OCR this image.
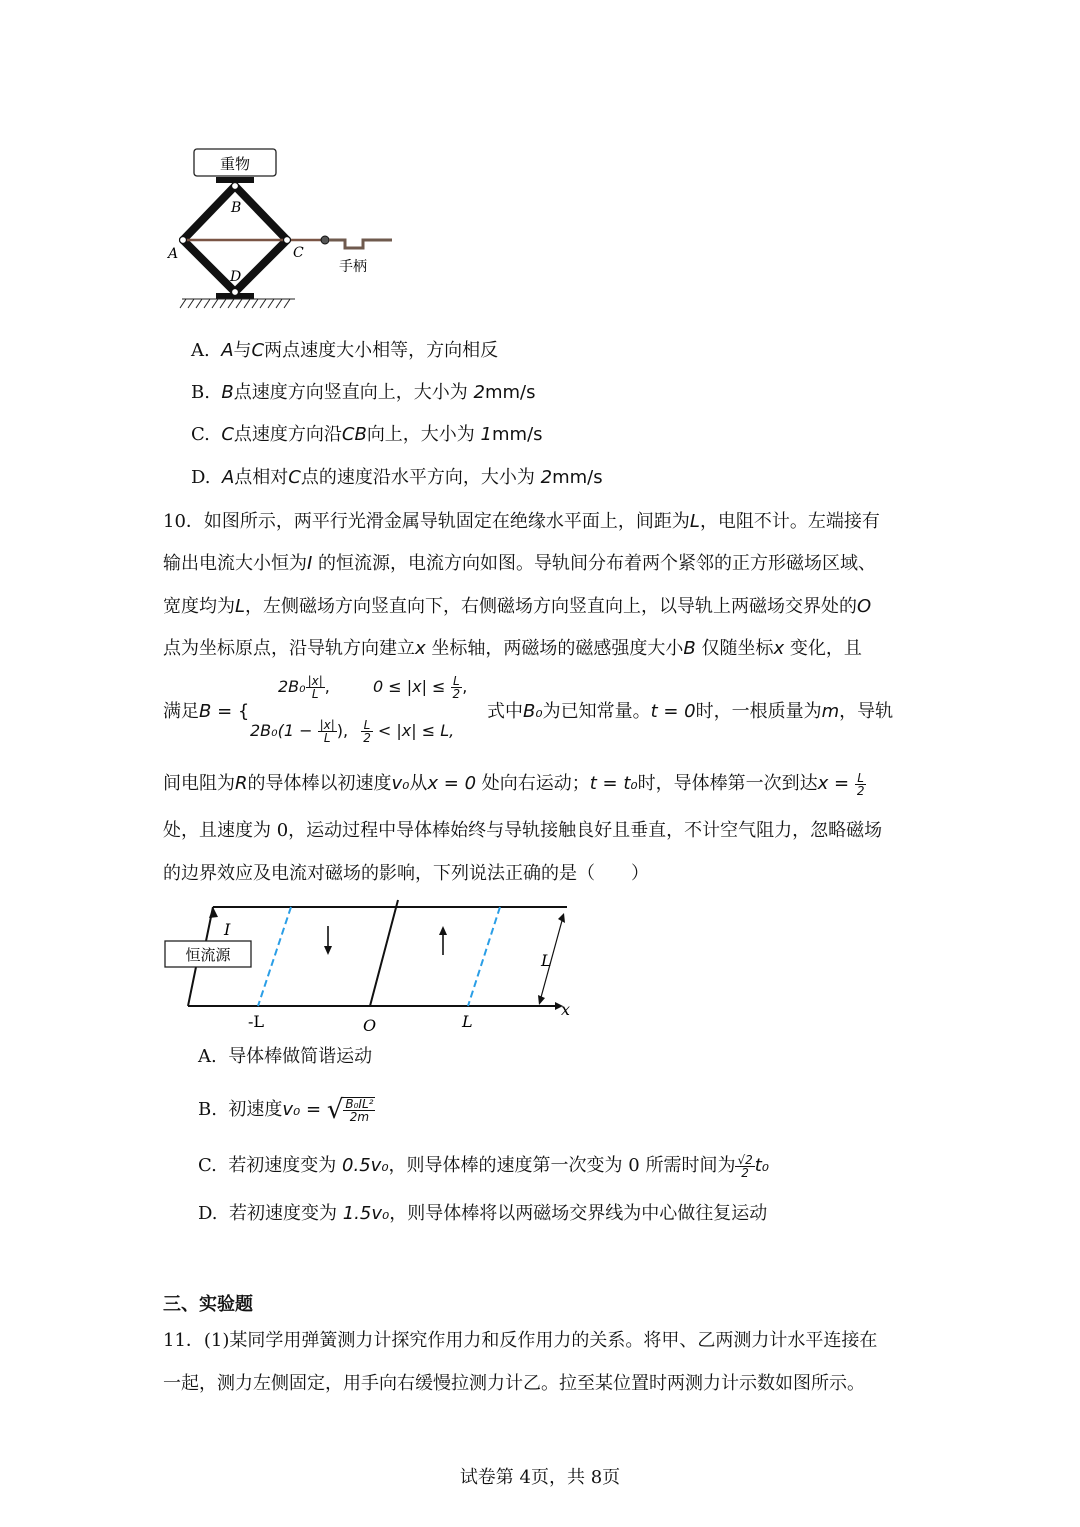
重物
A
B
C
D
手柄
A. A与C两点速度大小相等，方向相反
B. B点速度方向竖直向上，大小为 2mm/s
C. C点速度方向沿CB向上，大小为 1mm/s
D. A点相对C点的速度沿水平方向，大小为 2mm/s
10．如图所示，两平行光滑金属导轨固定在绝缘水平面上，间距为L，电阻不计。左端接有
输出电流大小恒为I 的恒流源，电流方向如图。导轨间分布着两个紧邻的正方形磁场区域、
宽度均为L，左侧磁场方向竖直向下，右侧磁场方向竖直向上，以导轨上两磁场交界处的O
点为坐标原点，沿导轨方向建立x 坐标轴，两磁场的磁感强度大小B 仅随坐标x 变化，且
满足B = {
$2B_0 \frac{|x|}{L}$ ,	$0 \le |x| \le \frac{L}{2}$ ,
$2B_0(1 - \frac{|x|}{L}$ ), $\frac{L}{2} < |x| \le L$,
式中B₀为已知常量。t = 0时，一根质量为m，导轨
间电阻为R的导体棒以初速度v₀从x = 0 处向右运动；t = t₀时，导体棒第一次到达$x = \frac{L}{2}$
处，且速度为 0，运动过程中导体棒始终与导轨接触良好且垂直，不计空气阻力，忽略磁场
的边界效应及电流对磁场的影响，下列说法正确的是（　　）
恒流源
I
L
-L	O	L
x
A. 导体棒做简谐运动
B. 初速度v₀ = √ $\frac{\text{B₀IL²}}{2m}$
C. 若初速度变为 0.5v₀，则导体棒的速度第一次变为 0 所需时间为 $\frac{√2}{2} t_0$
D. 若初速度变为 1.5v₀，则导体棒将以两磁场交界线为中心做往复运动
三、实验题
11．(1)某同学用弹簧测力计探究作用力和反作用力的关系。将甲、乙两测力计水平连接在
一起，测力左侧固定，用手向右缓慢拉测力计乙。拉至某位置时两测力计示数如图所示。
试卷第 4页，共 8页
